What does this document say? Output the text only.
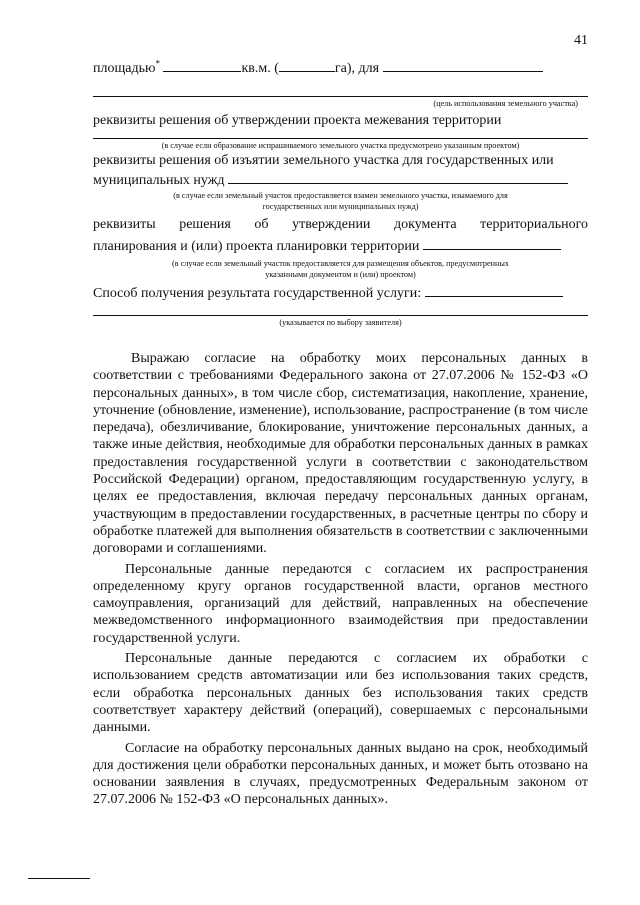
41
площадью*	кв.м. (	га), для
(цель использования земельного участка)
реквизиты решения об утверждении проекта межевания территории
(в случае если образование испрашиваемого земельного участка предусмотрено указанным проектом)
реквизиты решения об изъятии земельного участка для государственных или
муниципальных нужд
(в случае если земельный участок предоставляется взамен земельного участка, изымаемого для
государственных или муниципальных нужд)
реквизиты решения об утверждении документа территориального
планирования и (или) проекта планировки территории
(в случае если земельный участок предоставляется для размещения объектов, предусмотренных
указанными документом и (или) проектом)
Способ получения результата государственной услуги:
(указывается по выбору заявителя)

Выражаю согласие на обработку моих персональных данных в соответствии с требованиями Федерального закона от 27.07.2006 № 152-ФЗ «О персональных данных», в том числе сбор, систематизация, накопление, хранение, уточнение (обновление, изменение), использование, распространение (в том числе передача), обезличивание, блокирование, уничтожение персональных данных, а также иные действия, необходимые для обработки персональных данных в рамках предоставления государственной услуги в соответствии с законодательством Российской Федерации) органом, предоставляющим государственную услугу, в целях ее предоставления, включая передачу персональных данных органам, участвующим в предоставлении государственных, в расчетные центры по сбору и обработке платежей для выполнения обязательств в соответствии с заключенными договорами и соглашениями.

Персональные данные передаются с согласием их распространения определенному кругу органов государственной власти, органов местного самоуправления, организаций для действий, направленных на обеспечение межведомственного информационного взаимодействия при предоставлении государственной услуги.

Персональные данные передаются с согласием их обработки с использованием средств автоматизации или без использования таких средств, если обработка персональных данных без использования таких средств соответствует характеру действий (операций), совершаемых с персональными данными.

Согласие на обработку персональных данных выдано на срок, необходимый для достижения цели обработки персональных данных, и может быть отозвано на основании заявления в случаях, предусмотренных Федеральным законом от 27.07.2006 № 152-ФЗ «О персональных данных».
